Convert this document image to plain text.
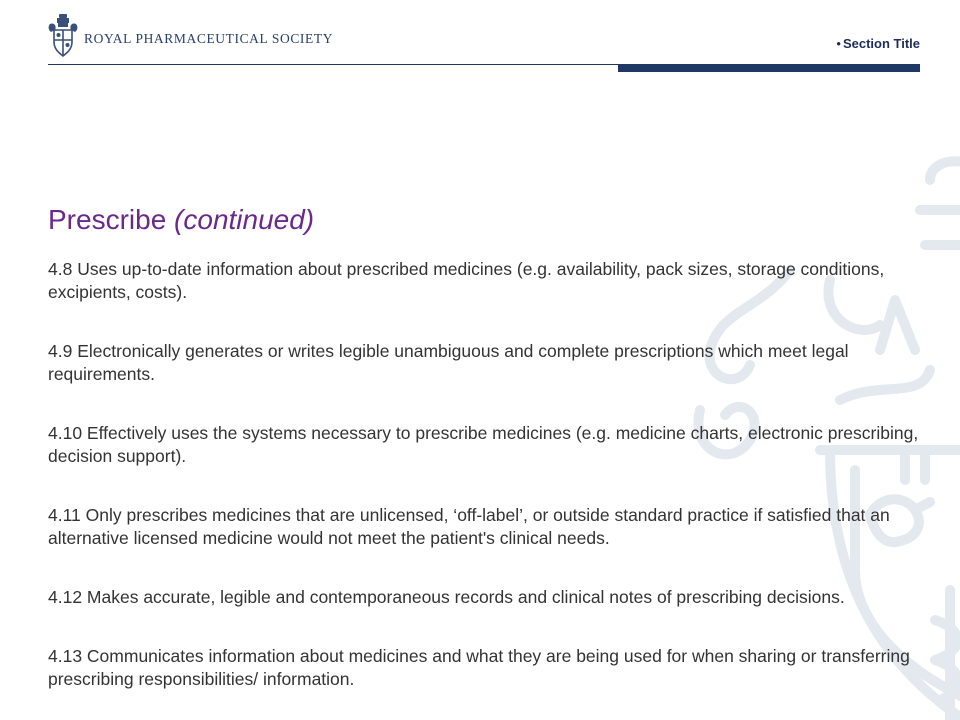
ROYAL PHARMACEUTICAL SOCIETY
•	Section Title
Prescribe (continued)
4.8 Uses up-to-date information about prescribed medicines (e.g. availability, pack sizes, storage conditions, excipients, costs).
4.9 Electronically generates or writes legible unambiguous and complete prescriptions which meet legal requirements.
4.10 Effectively uses the systems necessary to prescribe medicines (e.g. medicine charts, electronic prescribing, decision support).
4.11 Only prescribes medicines that are unlicensed, ‘off-label’, or outside standard practice if satisfied that an alternative licensed medicine would not meet the patient's clinical needs.
4.12 Makes accurate, legible and contemporaneous records and clinical notes of prescribing decisions.
4.13 Communicates information about medicines and what they are being used for when sharing or transferring prescribing responsibilities/ information.
